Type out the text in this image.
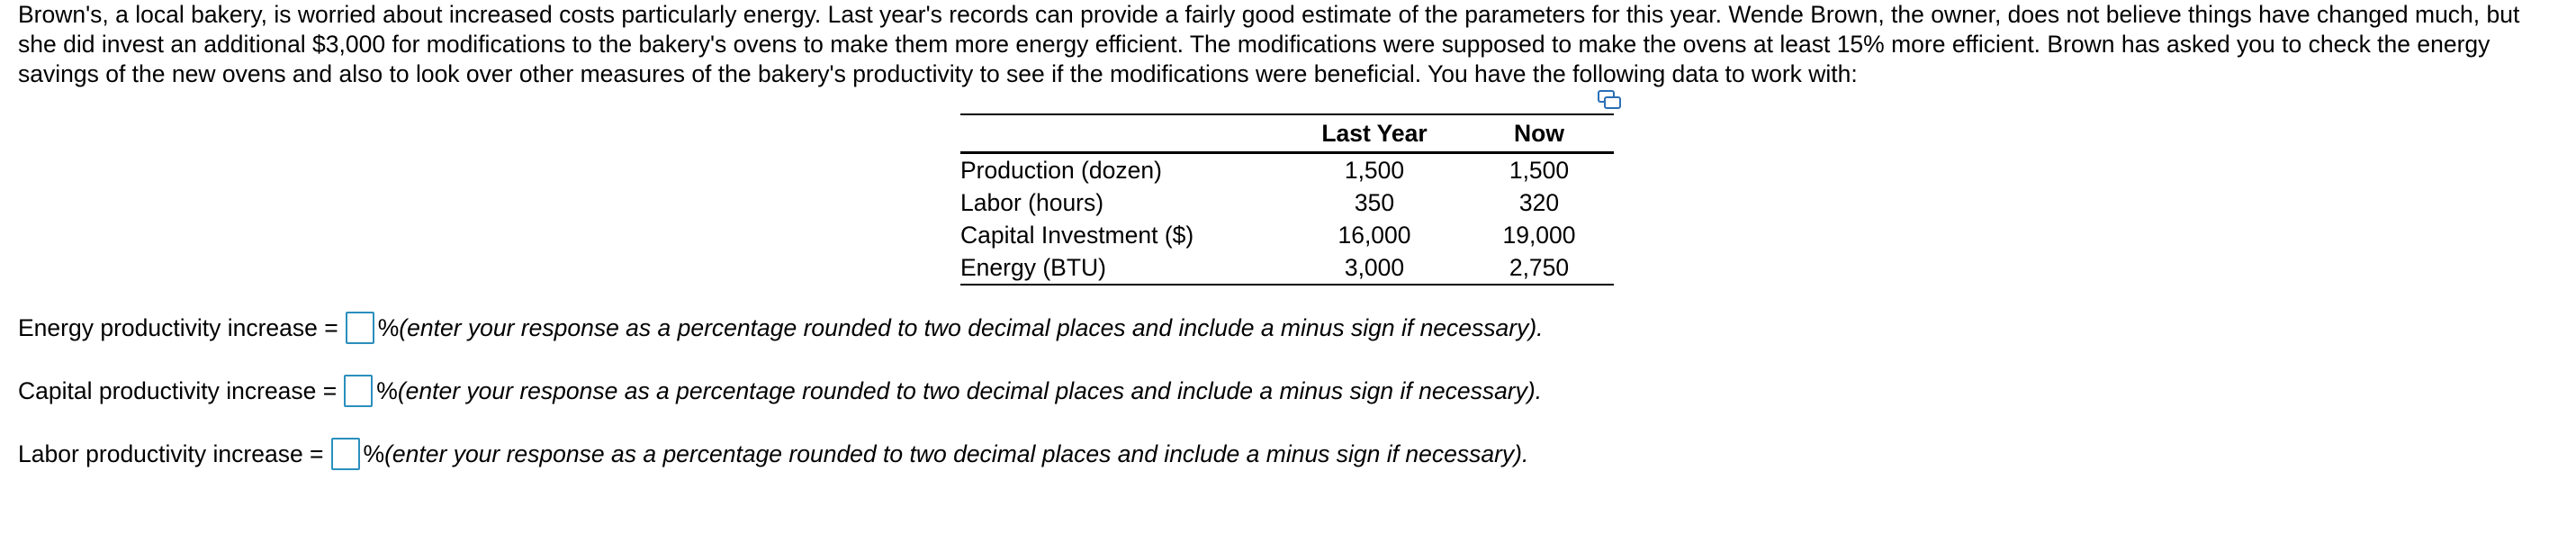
Brown's, a local bakery, is worried about increased costs particularly energy. Last year's records can provide a fairly good estimate of the parameters for this year. Wende Brown, the owner, does not believe things have changed much, but she did invest an additional $3,000 for modifications to the bakery's ovens to make them more energy efficient. The modifications were supposed to make the ovens at least 15% more efficient. Brown has asked you to check the energy savings of the new ovens and also to look over other measures of the bakery's productivity to see if the modifications were beneficial. You have the following data to work with:

	Last Year	Now
Production (dozen)	1,500	1,500
Labor (hours)	350	320
Capital Investment ($)	16,000	19,000
Energy (BTU)	3,000	2,750
Energy productivity increase = % (enter your response as a percentage rounded to two decimal places and include a minus sign if necessary).
Capital productivity increase = % (enter your response as a percentage rounded to two decimal places and include a minus sign if necessary).
Labor productivity increase = % (enter your response as a percentage rounded to two decimal places and include a minus sign if necessary).
